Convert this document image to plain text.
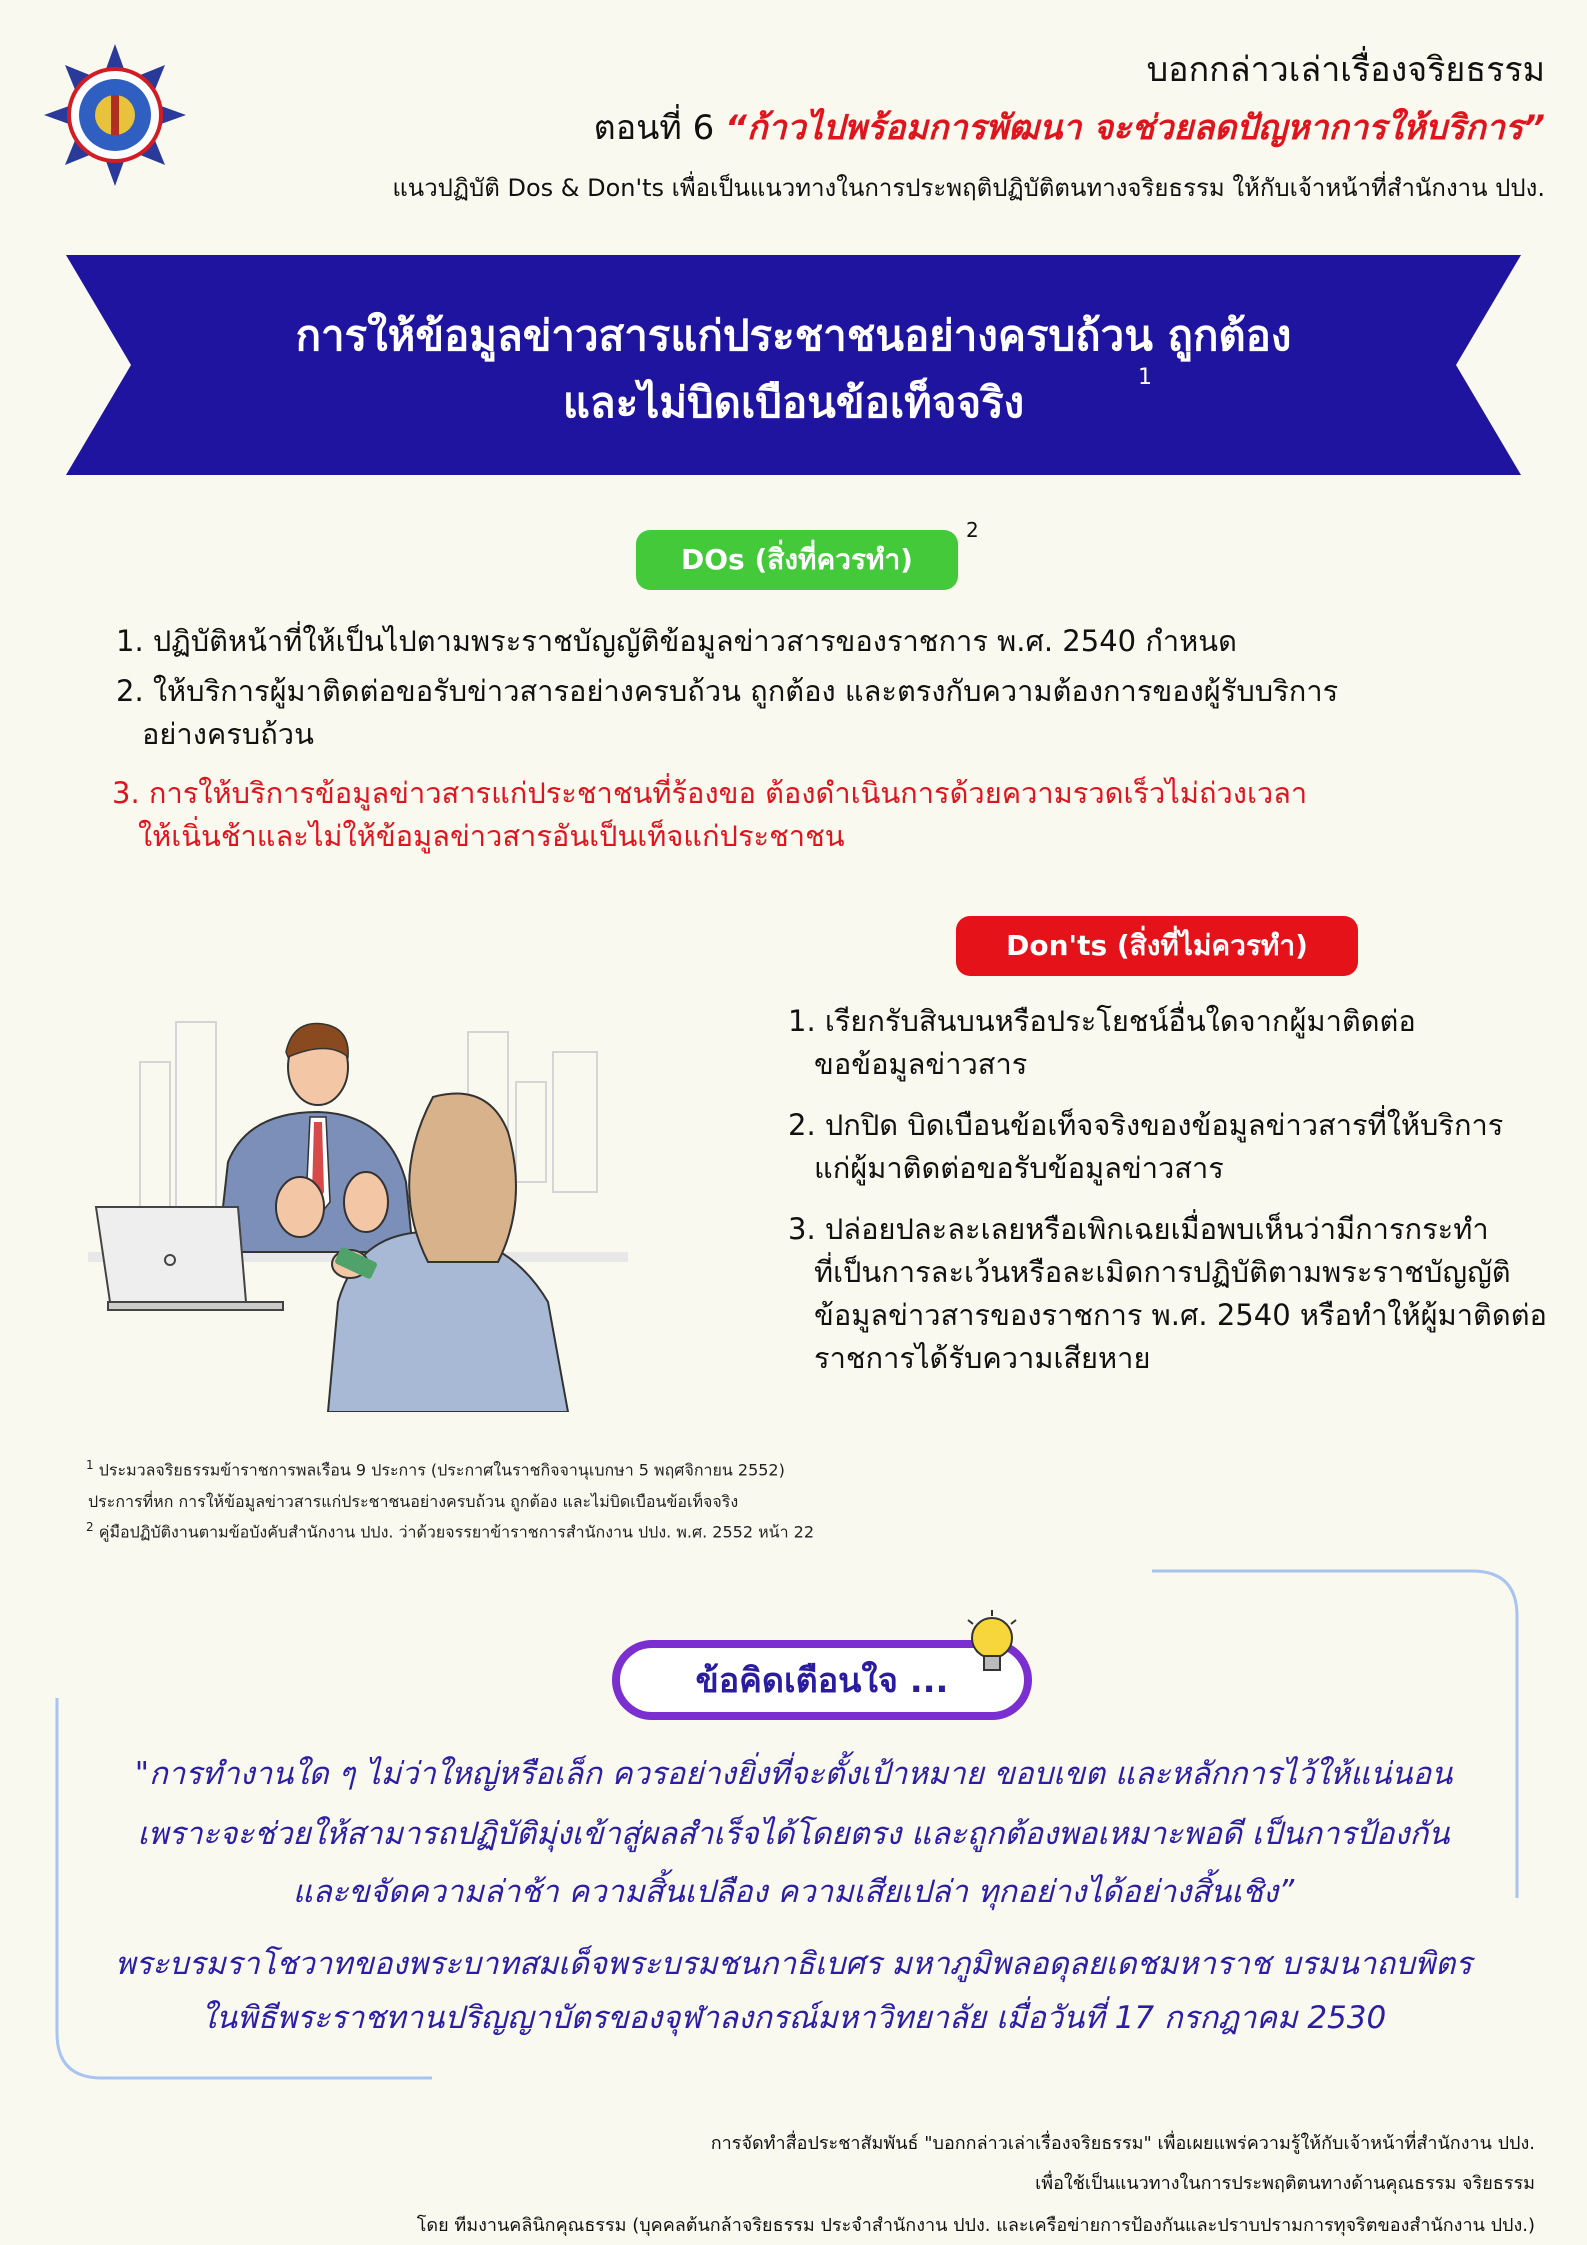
บอกกล่าวเล่าเรื่องจริยธรรม
ตอนที่ 6 “ก้าวไปพร้อมการพัฒนา จะช่วยลดปัญหาการให้บริการ”
แนวปฏิบัติ Dos & Don'ts เพื่อเป็นแนวทางในการประพฤติปฏิบัติตนทางจริยธรรม ให้กับเจ้าหน้าที่สำนักงาน ปปง.
การให้ข้อมูลข่าวสารแก่ประชาชนอย่างครบถ้วน ถูกต้อง
และไม่บิดเบือนข้อเท็จจริง
1
DOs (สิ่งที่ควรทำ)
2
1. ปฏิบัติหน้าที่ให้เป็นไปตามพระราชบัญญัติข้อมูลข่าวสารของราชการ พ.ศ. 2540 กำหนด
2. ให้บริการผู้มาติดต่อขอรับข่าวสารอย่างครบถ้วน ถูกต้อง และตรงกับความต้องการของผู้รับบริการ
อย่างครบถ้วน
3. การให้บริการข้อมูลข่าวสารแก่ประชาชนที่ร้องขอ ต้องดำเนินการด้วยความรวดเร็วไม่ถ่วงเวลา
ให้เนิ่นช้าและไม่ให้ข้อมูลข่าวสารอันเป็นเท็จแก่ประชาชน
Don'ts (สิ่งที่ไม่ควรทำ)
1. เรียกรับสินบนหรือประโยชน์อื่นใดจากผู้มาติดต่อ
ขอข้อมูลข่าวสาร
2. ปกปิด บิดเบือนข้อเท็จจริงของข้อมูลข่าวสารที่ให้บริการ
แก่ผู้มาติดต่อขอรับข้อมูลข่าวสาร
3. ปล่อยปละละเลยหรือเพิกเฉยเมื่อพบเห็นว่ามีการกระทำ
ที่เป็นการละเว้นหรือละเมิดการปฏิบัติตามพระราชบัญญัติ
ข้อมูลข่าวสารของราชการ พ.ศ. 2540 หรือทำให้ผู้มาติดต่อ
ราชการได้รับความเสียหาย
$^1$ ประมวลจริยธรรมข้าราชการพลเรือน 9 ประการ (ประกาศในราชกิจจานุเบกษา 5 พฤศจิกายน 2552)
ประการที่หก การให้ข้อมูลข่าวสารแก่ประชาชนอย่างครบถ้วน ถูกต้อง และไม่บิดเบือนข้อเท็จจริง
$^2$ คู่มือปฏิบัติงานตามข้อบังคับสำนักงาน ปปง. ว่าด้วยจรรยาข้าราชการสำนักงาน ปปง. พ.ศ. 2552 หน้า 22
ข้อคิดเตือนใจ ...
"การทำงานใด ๆ ไม่ว่าใหญ่หรือเล็ก ควรอย่างยิ่งที่จะตั้งเป้าหมาย ขอบเขต และหลักการไว้ให้แน่นอน
เพราะจะช่วยให้สามารถปฏิบัติมุ่งเข้าสู่ผลสำเร็จได้โดยตรง และถูกต้องพอเหมาะพอดี เป็นการป้องกัน
และขจัดความล่าช้า ความสิ้นเปลือง ความเสียเปล่า ทุกอย่างได้อย่างสิ้นเชิง”
พระบรมราโชวาทของพระบาทสมเด็จพระบรมชนกาธิเบศร มหาภูมิพลอดุลยเดชมหาราช บรมนาถบพิตร
ในพิธีพระราชทานปริญญาบัตรของจุฬาลงกรณ์มหาวิทยาลัย เมื่อวันที่ 17 กรกฎาคม 2530
การจัดทำสื่อประชาสัมพันธ์ "บอกกล่าวเล่าเรื่องจริยธรรม" เพื่อเผยแพร่ความรู้ให้กับเจ้าหน้าที่สำนักงาน ปปง.
เพื่อใช้เป็นแนวทางในการประพฤติตนทางด้านคุณธรรม จริยธรรม
โดย ทีมงานคลินิกคุณธรรม (บุคคลต้นกล้าจริยธรรม ประจำสำนักงาน ปปง. และเครือข่ายการป้องกันและปราบปรามการทุจริตของสำนักงาน ปปง.)
